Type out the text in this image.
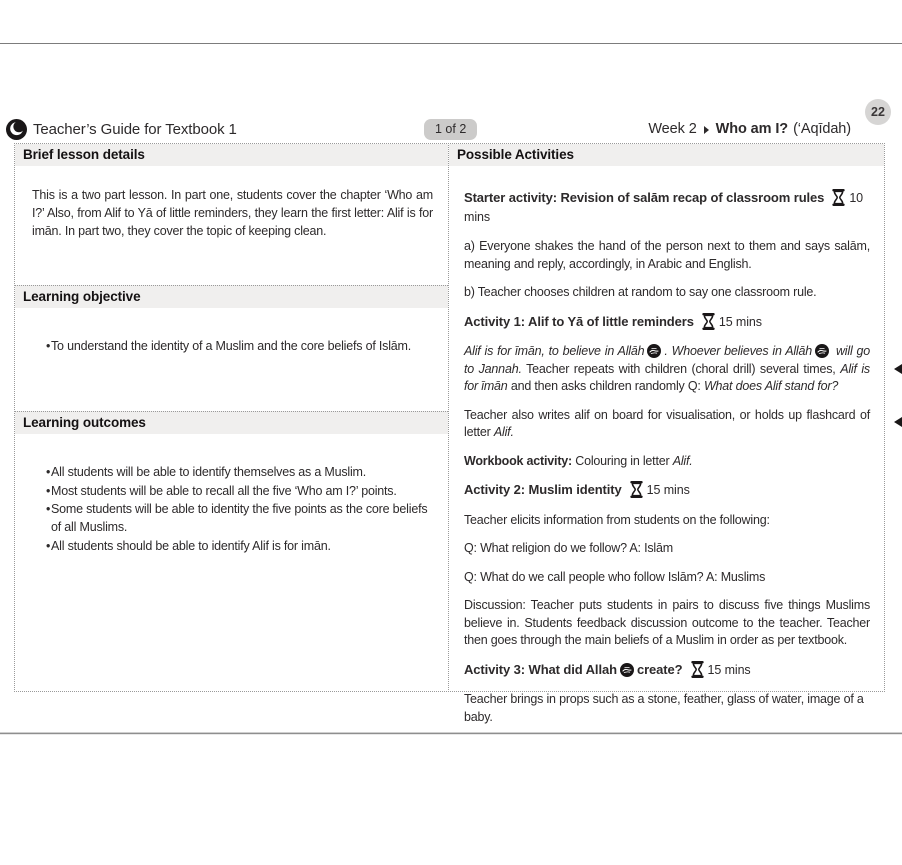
22
Teacher’s Guide for Textbook 1	Week 2 Who am I? (‘Aqīdah)
1 of 2
Brief lesson details

This is a two part lesson. In part one, students cover the chapter ‘Who am I?’ Also, from Alif to Yā of little reminders, they learn the first letter: Alif is for imān. In part two, they cover the topic of keeping clean.

Learning objective
• To understand the identity of a Muslim and the core beliefs of Islām.
Learning outcomes
• All students will be able to identify themselves as a Muslim.
• Most students will be able to recall all the five ‘Who am I?’ points.
• Some students will be able to identity the five points as the core beliefs of all Muslims.
• All students should be able to identify Alif is for imān.
Possible Activities
Starter activity: Revision of salām recap of classroom rules 10 mins

a) Everyone shakes the hand of the person next to them and says salām, meaning and reply, accordingly, in Arabic and English.

b) Teacher chooses children at random to say one classroom rule.

Activity 1: Alif to Yā of little reminders 15 mins

Alif is for īmān, to believe in Allāh . Whoever believes in Allāh will go to Jannah. Teacher repeats with children (choral drill) several times, Alif is for īmān and then asks children randomly Q: What does Alif stand for?

Teacher also writes alif on board for visualisation, or holds up flashcard of letter Alif.

Workbook activity: Colouring in letter Alif.

Activity 2: Muslim identity 15 mins

Teacher elicits information from students on the following:

Q: What religion do we follow? A: Islām

Q: What do we call people who follow Islām? A: Muslims

Discussion: Teacher puts students in pairs to discuss five things Muslims believe in. Students feedback discussion outcome to the teacher. Teacher then goes through the main beliefs of a Muslim in order as per textbook.

Activity 3: What did Allah create? 15 mins

Teacher brings in props such as a stone, feather, glass of water, image of a baby.
